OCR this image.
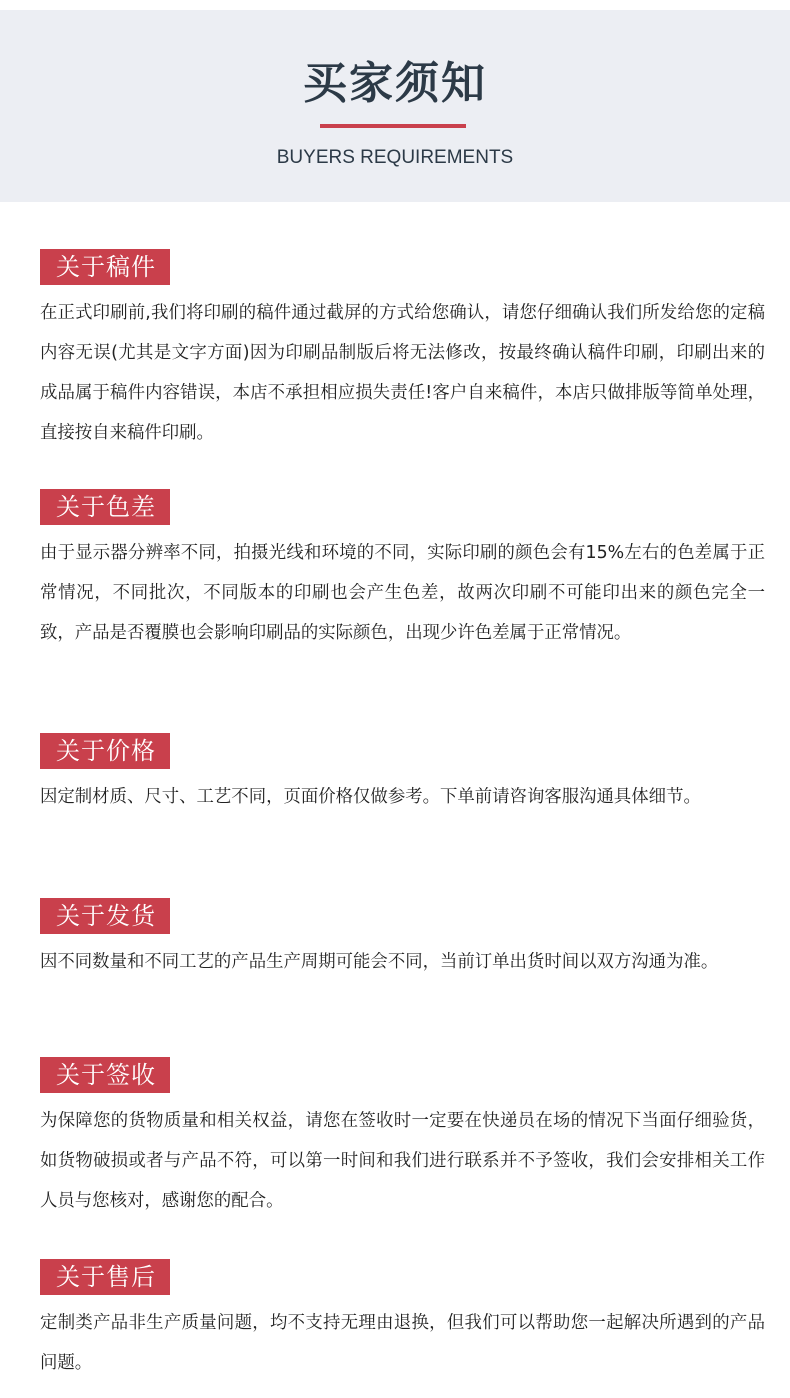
买家须知
BUYERS REQUIREMENTS
关于稿件
在正式印刷前,我们将印刷的稿件通过截屏的方式给您确认，请您仔细确认我们所发给您的定稿内容无误(尤其是文字方面)因为印刷品制版后将无法修改，按最终确认稿件印刷，印刷出来的成品属于稿件内容错误，本店不承担相应损失责任!客户自来稿件，本店只做排版等简单处理，直接按自来稿件印刷。
关于色差
由于显示器分辨率不同，拍摄光线和环境的不同，实际印刷的颜色会有15%左右的色差属于正常情况，不同批次，不同版本的印刷也会产生色差，故两次印刷不可能印出来的颜色完全一致，产品是否覆膜也会影响印刷品的实际颜色，出现少许色差属于正常情况。
关于价格
因定制材质、尺寸、工艺不同，页面价格仅做参考。下单前请咨询客服沟通具体细节。
关于发货
因不同数量和不同工艺的产品生产周期可能会不同，当前订单出货时间以双方沟通为准。
关于签收
为保障您的货物质量和相关权益，请您在签收时一定要在快递员在场的情况下当面仔细验货，如货物破损或者与产品不符，可以第一时间和我们进行联系并不予签收，我们会安排相关工作人员与您核对，感谢您的配合。
关于售后
定制类产品非生产质量问题，均不支持无理由退换，但我们可以帮助您一起解决所遇到的产品问题。
